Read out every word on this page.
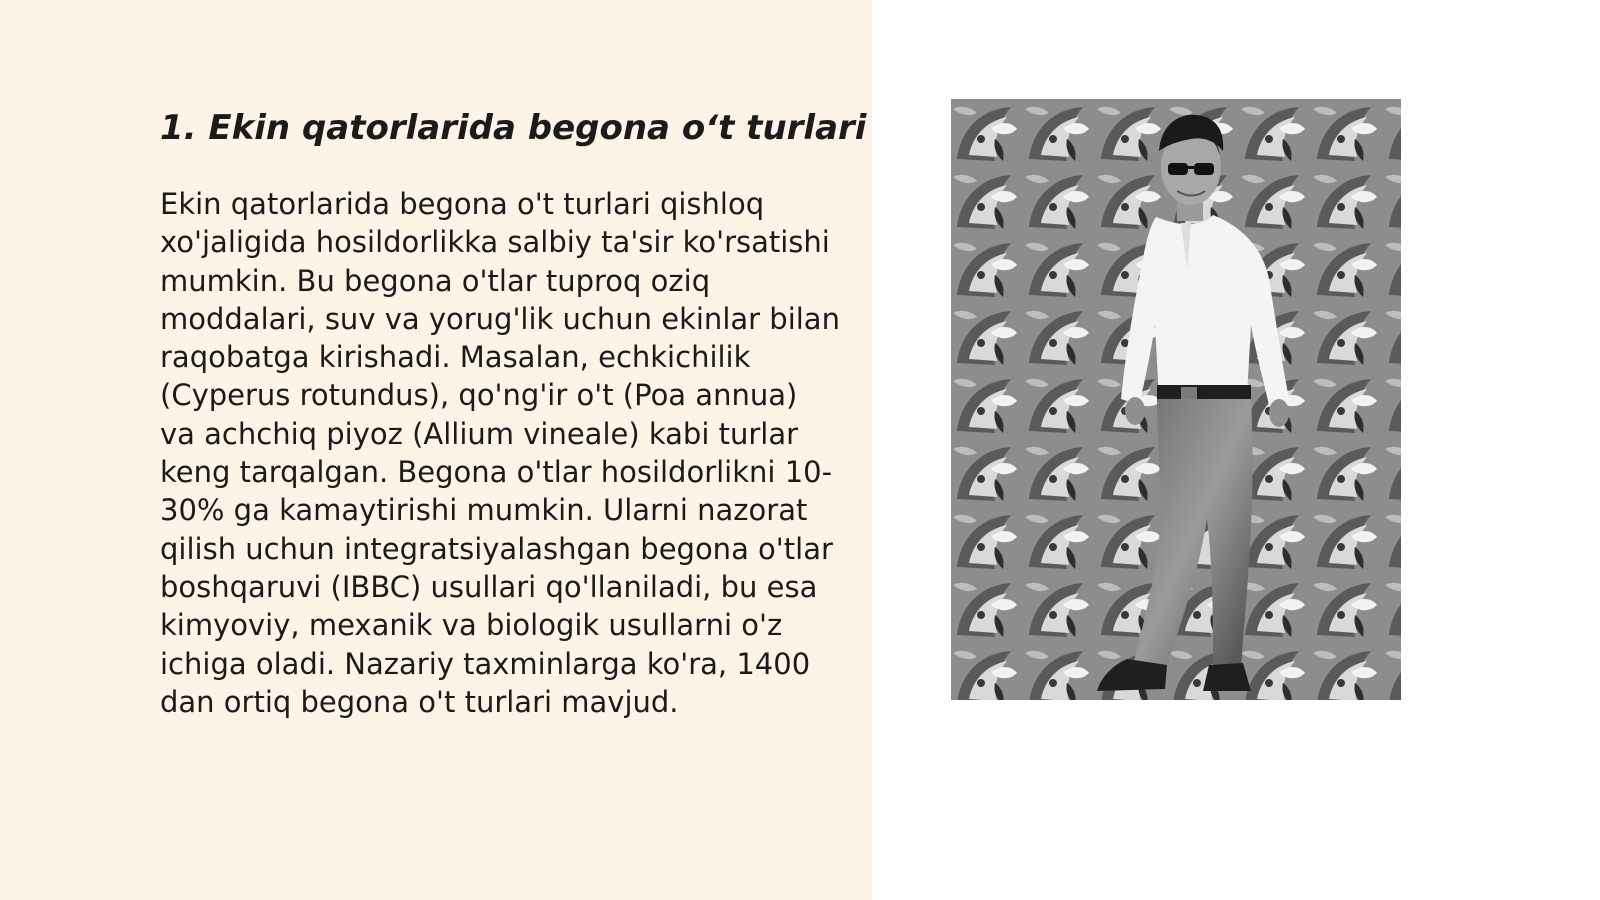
1. Ekin qatorlarida begona o‘t turlari

Ekin qatorlarida begona o't turlari qishloq xo'jaligida hosildorlikka salbiy ta'sir ko'rsatishi mumkin. Bu begona o'tlar tuproq oziq moddalari, suv va yorug'lik uchun ekinlar bilan raqobatga kirishadi. Masalan, echkichilik (Cyperus rotundus), qo'ng'ir o't (Poa annua) va achchiq piyoz (Allium vineale) kabi turlar keng tarqalgan. Begona o'tlar hosildorlikni 10-30% ga kamaytirishi mumkin. Ularni nazorat qilish uchun integratsiyalashgan begona o'tlar boshqaruvi (IBBC) usullari qo'llaniladi, bu esa kimyoviy, mexanik va biologik usullarni o'z ichiga oladi. Nazariy taxminlarga ko'ra, 1400 dan ortiq begona o't turlari mavjud.
